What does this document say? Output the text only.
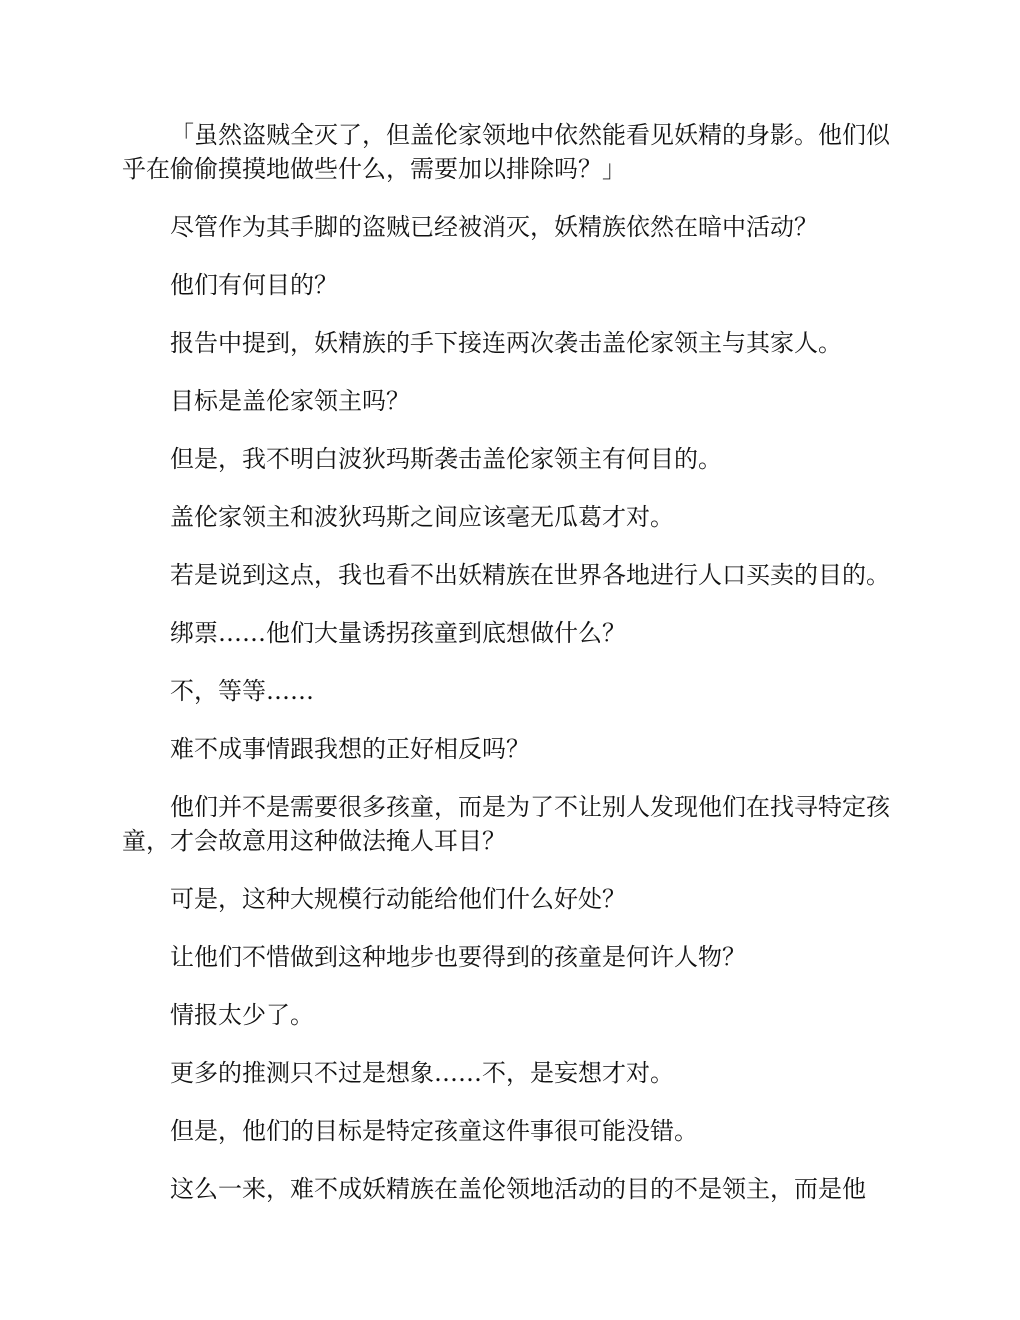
「虽然盗贼全灭了，但盖伦家领地中依然能看见妖精的身影。他们似乎在偷偷摸摸地做些什么，需要加以排除吗？」

尽管作为其手脚的盗贼已经被消灭，妖精族依然在暗中活动？

他们有何目的？

报告中提到，妖精族的手下接连两次袭击盖伦家领主与其家人。

目标是盖伦家领主吗？

但是，我不明白波狄玛斯袭击盖伦家领主有何目的。

盖伦家领主和波狄玛斯之间应该毫无瓜葛才对。

若是说到这点，我也看不出妖精族在世界各地进行人口买卖的目的。

绑票……他们大量诱拐孩童到底想做什么？

不，等等……

难不成事情跟我想的正好相反吗？

他们并不是需要很多孩童，而是为了不让别人发现他们在找寻特定孩童，才会故意用这种做法掩人耳目？

可是，这种大规模行动能给他们什么好处？

让他们不惜做到这种地步也要得到的孩童是何许人物？

情报太少了。

更多的推测只不过是想象……不，是妄想才对。

但是，他们的目标是特定孩童这件事很可能没错。

这么一来，难不成妖精族在盖伦领地活动的目的不是领主，而是他
